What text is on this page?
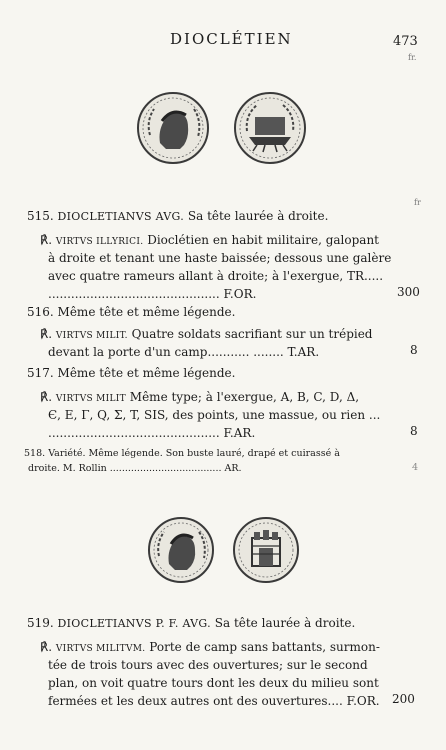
DIOCLÉTIEN	473
fr.
fr
515. DIOCLETIANVS AVG. Sa tête laurée à droite.
℟. VIRTVS ILLYRICI. Dioclétien en habit militaire, galopant
à droite et tenant une haste baissée; dessous une galère
avec quatre rameurs allant à droite; à l'exergue, TR.....
............................................. F.OR.	300
516. Même tête et même légende.
℟. VIRTVS MILIT. Quatre soldats sacrifiant sur un trépied
devant la porte d'un camp........... ........ T.AR.	8
517. Même tête et même légende.
℟. VIRTVS MILIT Même type; à l'exergue, A, B, C, D, Δ,
Є, E, Γ, Q, Σ, T, SIS, des points, une massue, ou rien ...
............................................. F.AR.	8
518. Variété. Même légende. Son buste lauré, drapé et cuirassé à
droite. M. Rollin ..................................... AR.	4
519. DIOCLETIANVS P. F. AVG. Sa tête laurée à droite.
℟. VIRTVS MILITVM. Porte de camp sans battants, surmon-
tée de trois tours avec des ouvertures; sur le second
plan, on voit quatre tours dont les deux du milieu sont
fermées et les deux autres ont des ouvertures.... F.OR. 200
